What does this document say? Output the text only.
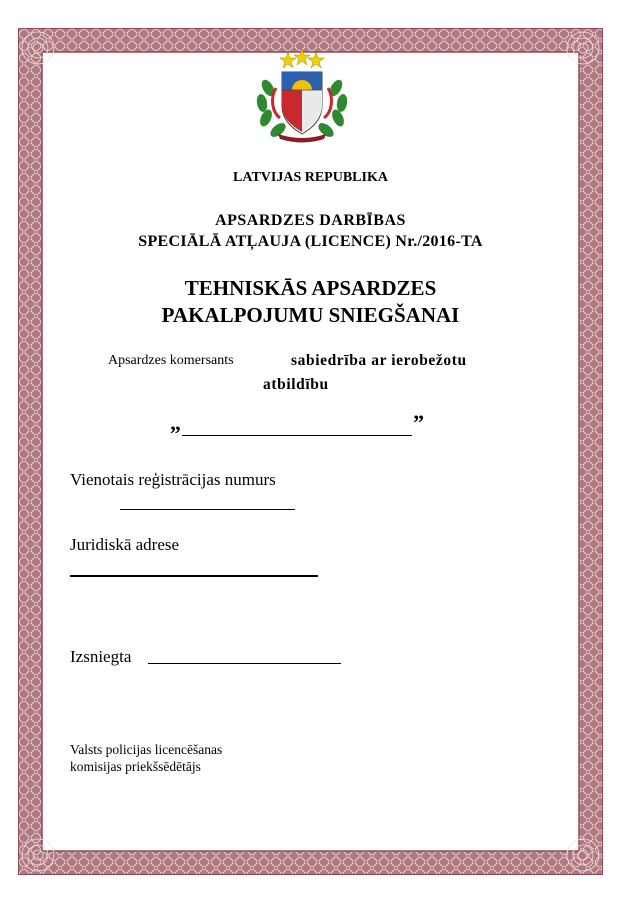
LATVIJAS REPUBLIKA
APSARDZES DARBĪBAS
SPECIĀLĀ ATĻAUJA (LICENCE) Nr./2016-TA
TEHNISKĀS APSARDZES
PAKALPOJUMU SNIEGŠANAI
Apsardzes komersants	sabiedrība ar ierobežotu
atbildību
„	”
Vienotais reģistrācijas numurs
Juridiskā adrese
Izsniegta
Valsts policijas licencēšanas
komisijas priekšsēdētājs
